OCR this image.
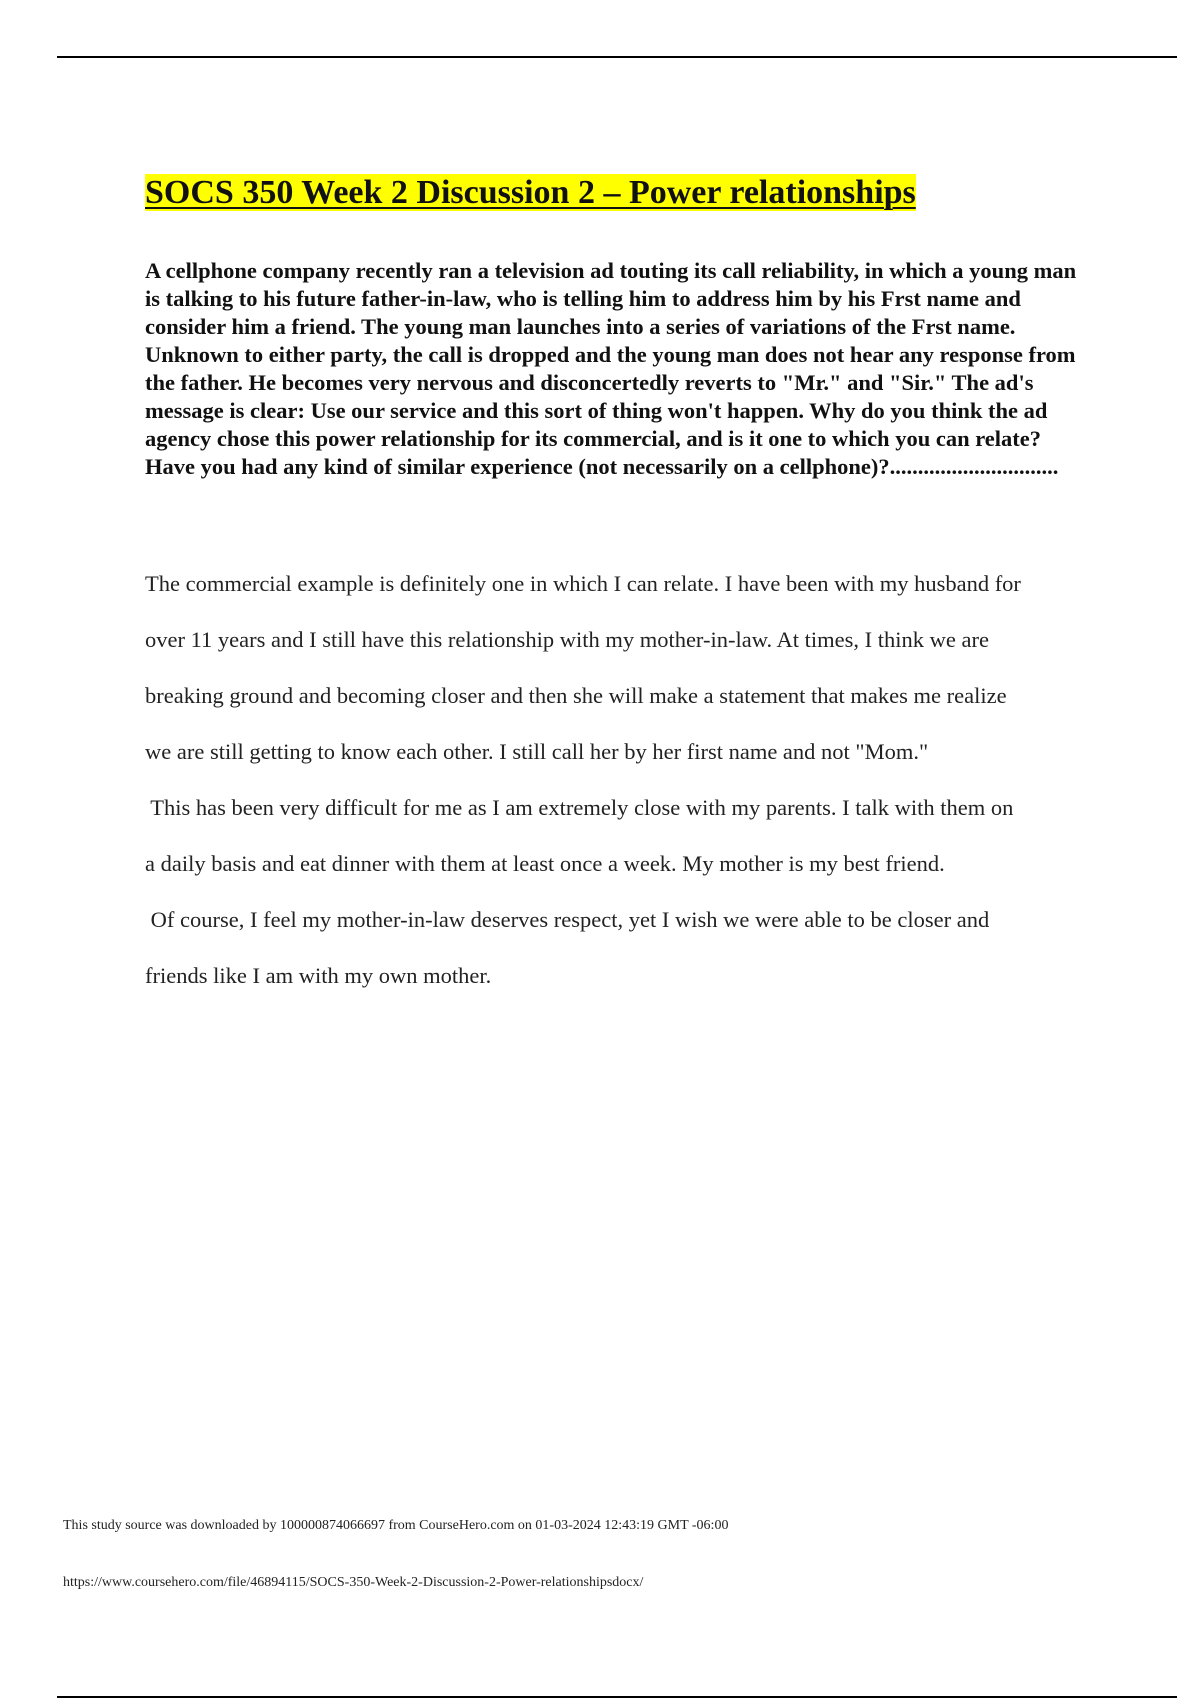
SOCS 350 Week 2 Discussion 2 – Power relationships

A cellphone company recently ran a television ad touting its call reliability, in which a young man is talking to his future father-in-law, who is telling him to address him by his Frst name and consider him a friend. The young man launches into a series of variations of the Frst name. Unknown to either party, the call is dropped and the young man does not hear any response from the father. He becomes very nervous and disconcertedly reverts to "Mr." and "Sir." The ad's message is clear: Use our service and this sort of thing won't happen. Why do you think the ad agency chose this power relationship for its commercial, and is it one to which you can relate? Have you had any kind of similar experience (not necessarily on a cellphone)?..............................

The commercial example is definitely one in which I can relate. I have been with my husband for
over 11 years and I still have this relationship with my mother-in-law. At times, I think we are
breaking ground and becoming closer and then she will make a statement that makes me realize
we are still getting to know each other. I still call her by her first name and not "Mom."
This has been very difficult for me as I am extremely close with my parents. I talk with them on
a daily basis and eat dinner with them at least once a week. My mother is my best friend.
Of course, I feel my mother-in-law deserves respect, yet I wish we were able to be closer and
friends like I am with my own mother.

This study source was downloaded by 100000874066697 from CourseHero.com on 01-03-2024 12:43:19 GMT -06:00

https://www.coursehero.com/file/46894115/SOCS-350-Week-2-Discussion-2-Power-relationshipsdocx/
